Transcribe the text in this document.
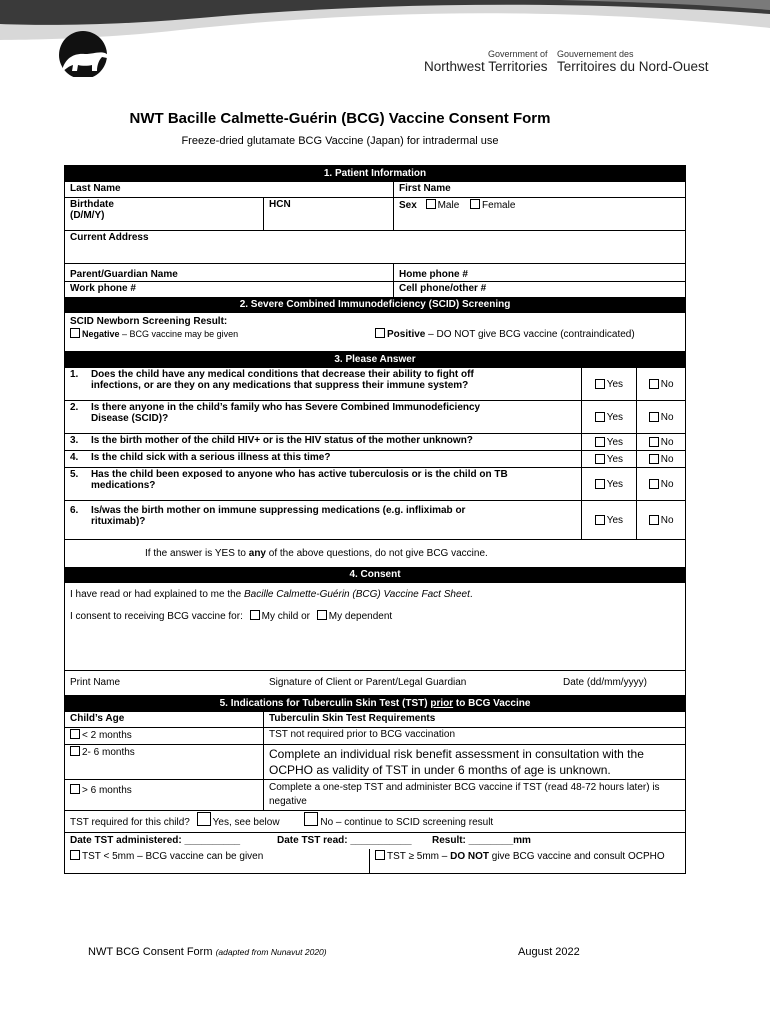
Government of Gouvernement des
Northwest Territories Territoires du Nord-Ouest
NWT Bacille Calmette-Guérin (BCG) Vaccine Consent Form
Freeze-dried glutamate BCG Vaccine (Japan) for intradermal use
1. Patient Information
Last Name	First Name
Birthdate
(D/M/Y)
HCN	Sex Male Female
Current Address
Parent/Guardian Name	Home phone #
Work phone #	Cell phone/other #
2. Severe Combined Immunodeficiency (SCID) Screening
SCID Newborn Screening Result:
Negative – BCG vaccine may be given	Positive – DO NOT give BCG vaccine (contraindicated)
3. Please Answer
1.	Does the child have any medical conditions that decrease their ability to fight off
infections, or are they on any medications that suppress their immune system?	Yes	No
2.	Is there anyone in the child’s family who has Severe Combined Immunodeficiency
Disease (SCID)?	Yes	No
3.	Is the birth mother of the child HIV+ or is the HIV status of the mother unknown?	Yes	No
4.	Is the child sick with a serious illness at this time?	Yes	No
5.	Has the child been exposed to anyone who has active tuberculosis or is the child on TB
medications?	Yes	No
6.	Is/was the birth mother on immune suppressing medications (e.g. infliximab or
rituximab)?	Yes	No
If the answer is YES to any of the above questions, do not give BCG vaccine.
4. Consent
I have read or had explained to me the Bacille Calmette-Guérin (BCG) Vaccine Fact Sheet.
I consent to receiving BCG vaccine for: My child or My dependent
Print Name	Signature of Client or Parent/Legal Guardian	Date (dd/mm/yyyy)
5. Indications for Tuberculin Skin Test (TST) prior to BCG Vaccine
Child’s Age	Tuberculin Skin Test Requirements
< 2 months	TST not required prior to BCG vaccination
2- 6 months	Complete an individual risk benefit assessment in consultation with the OCPHO as validity of TST in under 6 months of age is unknown.
> 6 months	Complete a one-step TST and administer BCG vaccine if TST (read 48-72 hours later) is negative
TST required for this child? Yes, see below	No – continue to SCID screening result
Date TST administered: __________	Date TST read: ___________	Result: ________mm
TST < 5mm – BCG vaccine can be given	TST ≥ 5mm – DO NOT give BCG vaccine and consult OCPHO
NWT BCG Consent Form (adapted from Nunavut 2020)	August 2022
